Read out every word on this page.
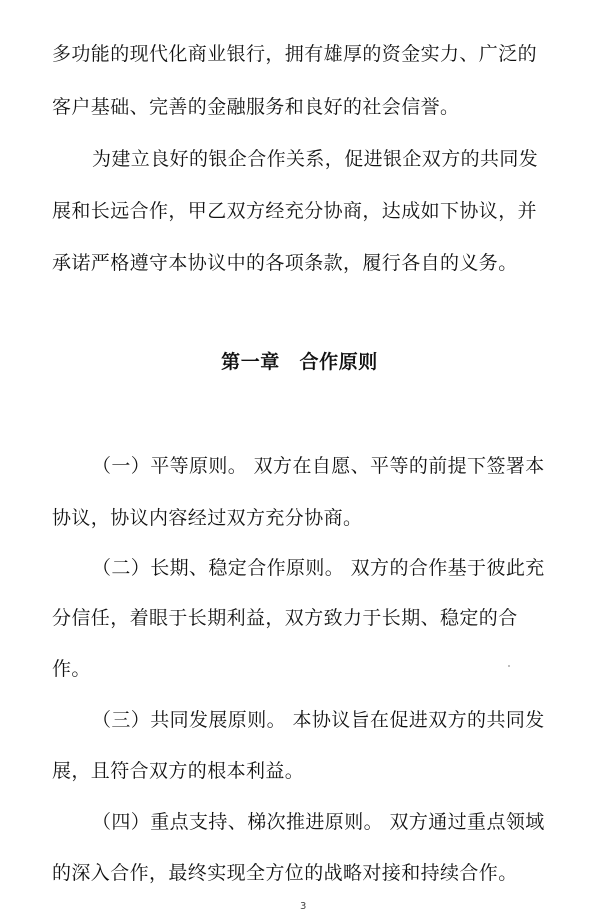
多功能的现代化商业银行，拥有雄厚的资金实力、广泛的
客户基础、完善的金融服务和良好的社会信誉。
为建立良好的银企合作关系，促进银企双方的共同发
展和长远合作，甲乙双方经充分协商，达成如下协议，并
承诺严格遵守本协议中的各项条款，履行各自的义务。
第一章　合作原则
（一）平等原则。 双方在自愿、平等的前提下签署本
协议，协议内容经过双方充分协商。
（二）长期、稳定合作原则。 双方的合作基于彼此充
分信任，着眼于长期利益，双方致力于长期、稳定的合
作。
（三）共同发展原则。 本协议旨在促进双方的共同发
展，且符合双方的根本利益。
（四）重点支持、梯次推进原则。 双方通过重点领域
的深入合作，最终实现全方位的战略对接和持续合作。
3
